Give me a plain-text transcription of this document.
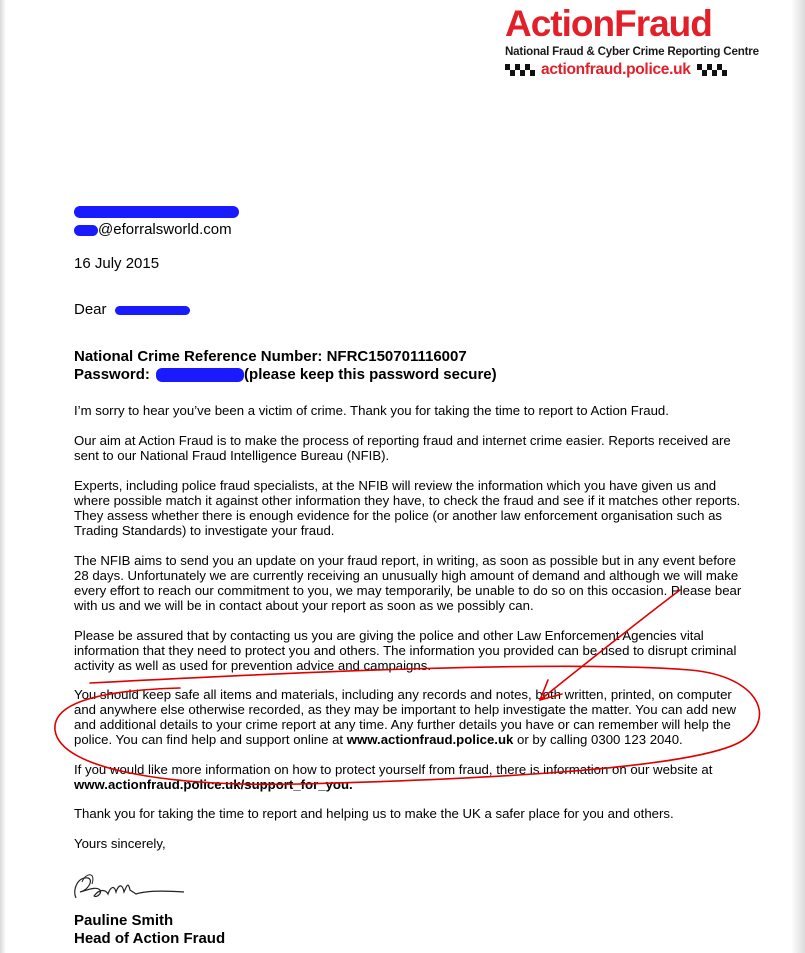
ActionFraud
National Fraud & Cyber Crime Reporting Centre
actionfraud.police.uk
@eforralsworld.com
16 July 2015
Dear
National Crime Reference Number: NFRC150701116007
Password:	(please keep this password secure)
I’m sorry to hear you’ve been a victim of crime. Thank you for taking the time to report to Action Fraud.
Our aim at Action Fraud is to make the process of reporting fraud and internet crime easier. Reports received are sent to our National Fraud Intelligence Bureau (NFIB).
Experts, including police fraud specialists, at the NFIB will review the information which you have given us and where possible match it against other information they have, to check the fraud and see if it matches other reports. They assess whether there is enough evidence for the police (or another law enforcement organisation such as Trading Standards) to investigate your fraud.
The NFIB aims to send you an update on your fraud report, in writing, as soon as possible but in any event before 28 days. Unfortunately we are currently receiving an unusually high amount of demand and although we will make every effort to reach our commitment to you, we may temporarily, be unable to do so on this occasion. Please bear with us and we will be in contact about your report as soon as we possibly can.
Please be assured that by contacting us you are giving the police and other Law Enforcement Agencies vital information that they need to protect you and others. The information you provided can be used to disrupt criminal activity as well as used for prevention advice and campaigns.
You should keep safe all items and materials, including any records and notes, both written, printed, on computer and anywhere else otherwise recorded, as they may be important to help investigate the matter. You can add new and additional details to your crime report at any time. Any further details you have or can remember will help the police. You can find help and support online at www.actionfraud.police.uk or by calling 0300 123 2040.
If you would like more information on how to protect yourself from fraud, there is information on our website at www.actionfraud.police.uk/support_for_you.
Thank you for taking the time to report and helping us to make the UK a safer place for you and others.
Yours sincerely,
Pauline Smith
Head of Action Fraud
